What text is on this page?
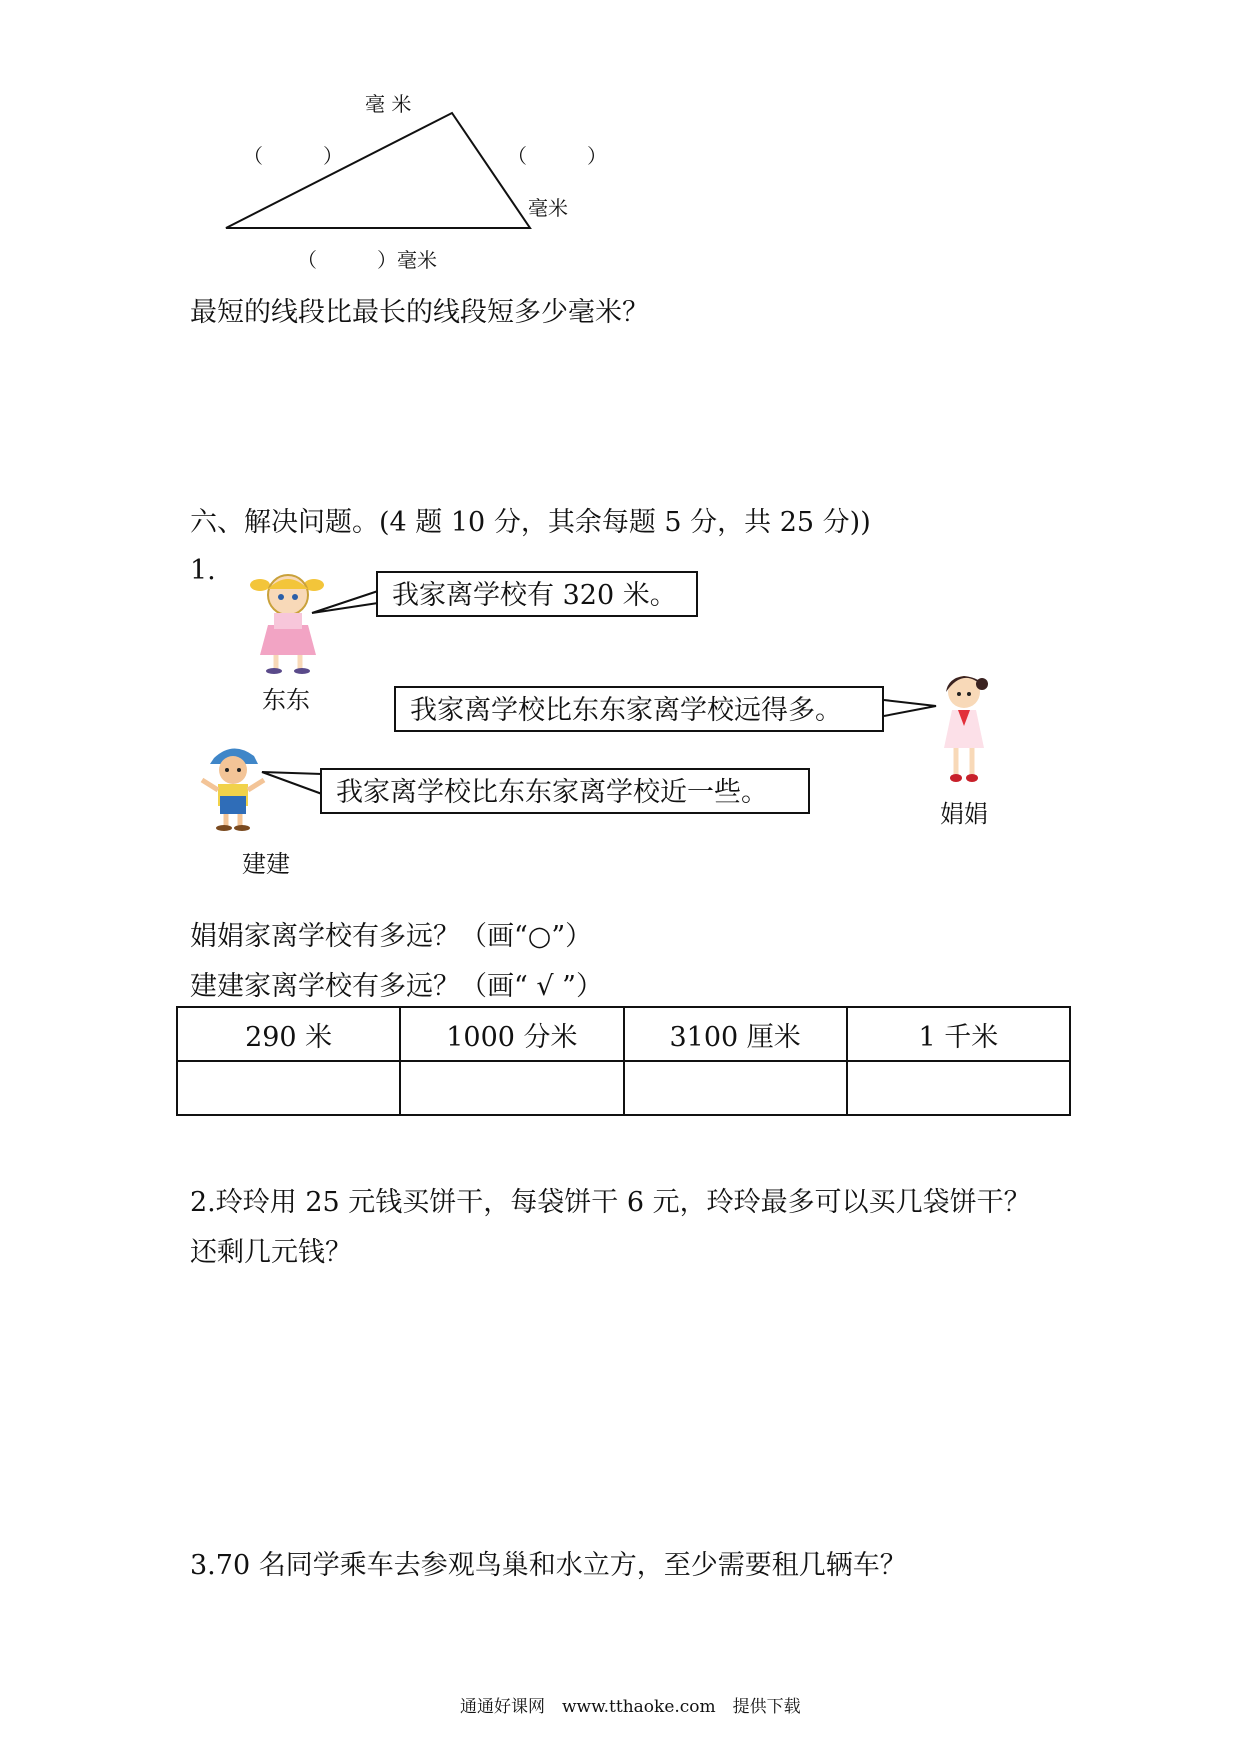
毫 米
（　　　）	（　　　）
毫米
（　　　）毫米
最短的线段比最长的线段短多少毫米？
六、解决问题。(4 题 10 分，其余每题 5 分，共 25 分))
1.
我家离学校有 320 米。
东东	我家离学校比东东家离学校远得多。
娟娟
我家离学校比东东家离学校近一些。
建建
娟娟家离学校有多远？（画“○”）
建建家离学校有多远？（画“ √ ”）
290 米	1000 分米	3100 厘米	1 千米

2.玲玲用 25 元钱买饼干，每袋饼干 6 元，玲玲最多可以买几袋饼干？
还剩几元钱？
3.70 名同学乘车去参观鸟巢和水立方，至少需要租几辆车？
通通好课网　www.tthaoke.com　提供下载
